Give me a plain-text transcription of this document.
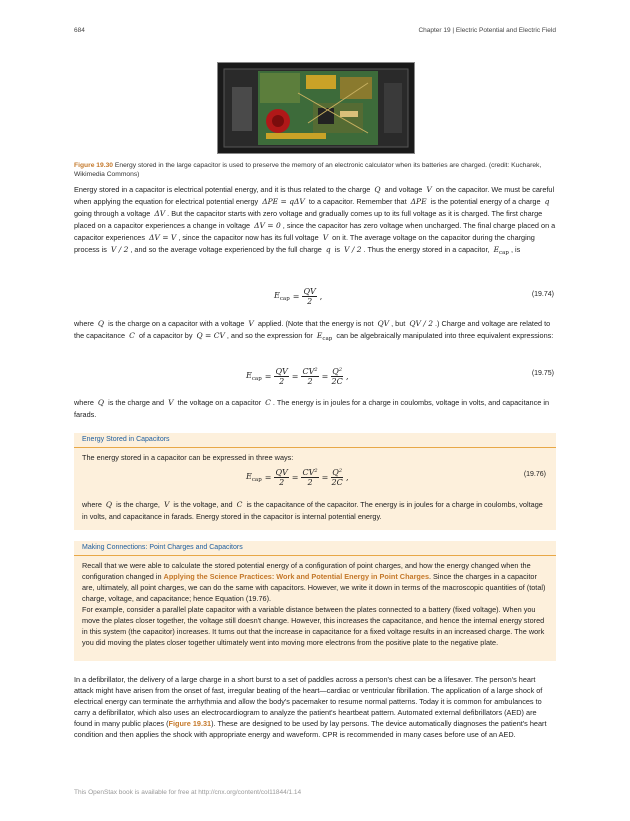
684	Chapter 19 | Electric Potential and Electric Field
Figure 19.30 Energy stored in the large capacitor is used to preserve the memory of an electronic calculator when its batteries are charged. (credit: Kucharek, Wikimedia Commons)
Energy stored in a capacitor is electrical potential energy, and it is thus related to the charge Q and voltage V on the capacitor. We must be careful when applying the equation for electrical potential energy ΔPE = qΔV to a capacitor. Remember that ΔPE is the potential energy of a charge q going through a voltage ΔV . But the capacitor starts with zero voltage and gradually comes up to its full voltage as it is charged. The first charge placed on a capacitor experiences a change in voltage ΔV = 0 , since the capacitor has zero voltage when uncharged. The final charge placed on a capacitor experiences ΔV = V , since the capacitor now has its full voltage V on it. The average voltage on the capacitor during the charging process is V / 2 , and so the average voltage experienced by the full charge q is V / 2 . Thus the energy stored in a capacitor, $E_{cap}$ , is
$E_{cap} = \frac{QV}{2}$ ,	(19.74)
where Q is the charge on a capacitor with a voltage V applied. (Note that the energy is not QV , but QV / 2 .) Charge and voltage are related to the capacitance C of a capacitor by Q = CV , and so the expression for $E_{cap}$ can be algebraically manipulated into three equivalent expressions:
$E_{cap} = \frac{QV}{2} = \frac{CV^2}{2} = \frac{Q^2}{2C}$ ,	(19.75)
where Q is the charge and V the voltage on a capacitor C . The energy is in joules for a charge in coulombs, voltage in volts, and capacitance in farads.
Energy Stored in Capacitors
The energy stored in a capacitor can be expressed in three ways:
$E_{cap} = \frac{QV}{2} = \frac{CV^2}{2} = \frac{Q^2}{2C}$ ,	(19.76)
where Q is the charge, V is the voltage, and C is the capacitance of the capacitor. The energy is in joules for a charge in coulombs, voltage in volts, and capacitance in farads. Energy stored in the capacitor is internal potential energy.
Making Connections: Point Charges and Capacitors
Recall that we were able to calculate the stored potential energy of a configuration of point charges, and how the energy changed when the configuration changed in Applying the Science Practices: Work and Potential Energy in Point Charges. Since the charges in a capacitor are, ultimately, all point charges, we can do the same with capacitors. However, we write it down in terms of the macroscopic quantities of (total) charge, voltage, and capacitance; hence Equation (19.76).
For example, consider a parallel plate capacitor with a variable distance between the plates connected to a battery (fixed voltage). When you move the plates closer together, the voltage still doesn't change. However, this increases the capacitance, and hence the internal energy stored in this system (the capacitor) increases. It turns out that the increase in capacitance for a fixed voltage results in an increased charge. The work you did moving the plates closer together ultimately went into moving more electrons from the positive plate to the negative plate.
In a defibrillator, the delivery of a large charge in a short burst to a set of paddles across a person's chest can be a lifesaver. The person's heart attack might have arisen from the onset of fast, irregular beating of the heart—cardiac or ventricular fibrillation. The application of a large shock of electrical energy can terminate the arrhythmia and allow the body's pacemaker to resume normal patterns. Today it is common for ambulances to carry a defibrillator, which also uses an electrocardiogram to analyze the patient's heartbeat pattern. Automated external defibrillators (AED) are found in many public places (Figure 19.31). These are designed to be used by lay persons. The device automatically diagnoses the patient's heart condition and then applies the shock with appropriate energy and waveform. CPR is recommended in many cases before use of an AED.
This OpenStax book is available for free at http://cnx.org/content/col11844/1.14
